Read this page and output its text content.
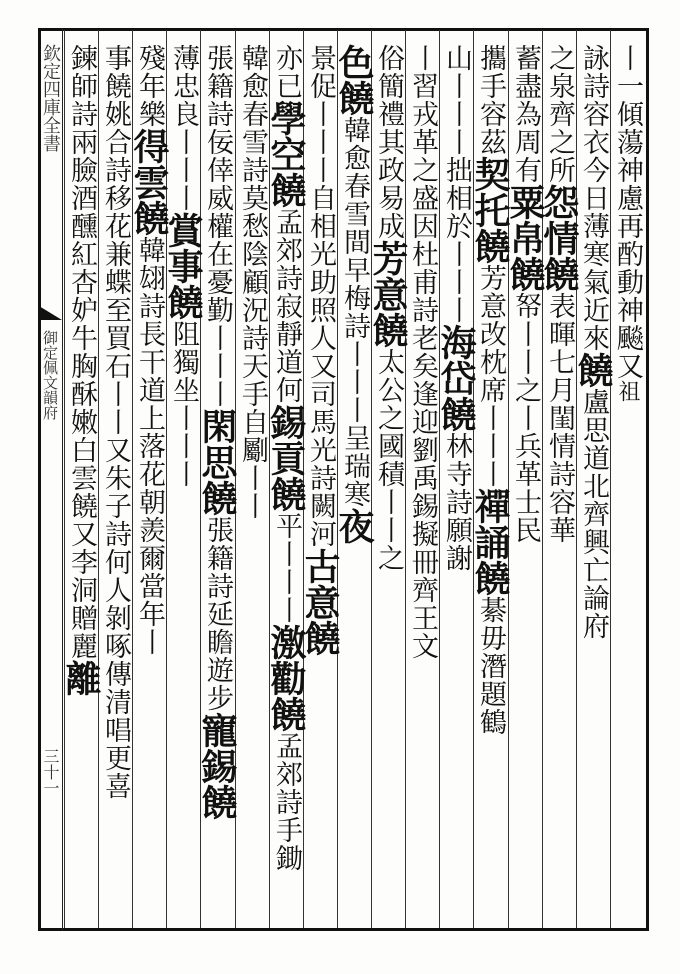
欽定四庫全書
御定佩文韻府
三十一
丨一傾蕩神慮再酌動神飈又祖
詠詩容衣今日薄寒氣近來饒盧思道北齊興亡論府
之泉齊之所怨情饒表暉七月閨情詩容華
蓄盡為周有粟帛饒帑丨丨之丨兵革士民
攜手容茲契托饒芳意改枕席丨丨丨禪誦饒綦毋潛題鶴
山丨丨丨拙相於丨丨丨海岱饒林寺詩願謝
丨習戎革之盛因杜甫詩老矣逢迎劉禹錫擬冊齊王文
俗簡禮其政易成芳意饒太公之國積丨丨之
色饒韓愈春雪間早梅詩丨丨丨呈瑞寒夜
景促丨丨丨自相光助照人又司馬光詩闕河古意饒
亦已學空饒孟郊詩寂靜道何錫貢饒平丨丨丨激勸饒孟郊詩手鋤
韓愈春雪詩莫愁陰顧況詩天手自劚丨丨
張籍詩佞倖威權在憂勤丨丨丨閑思饒張籍詩延瞻遊步寵錫饒
薄忠良丨丨丨賞事饒阻獨坐丨丨丨
殘年樂得雲饒韓翃詩長干道上落花朝羨爾當年丨
事饒姚合詩移花兼蝶至買石丨丨又朱子詩何人剝啄傳清唱更喜
鍊師詩兩臉酒醺紅杏妒牛胸酥嫩白雲饒又李洞贈麗離
